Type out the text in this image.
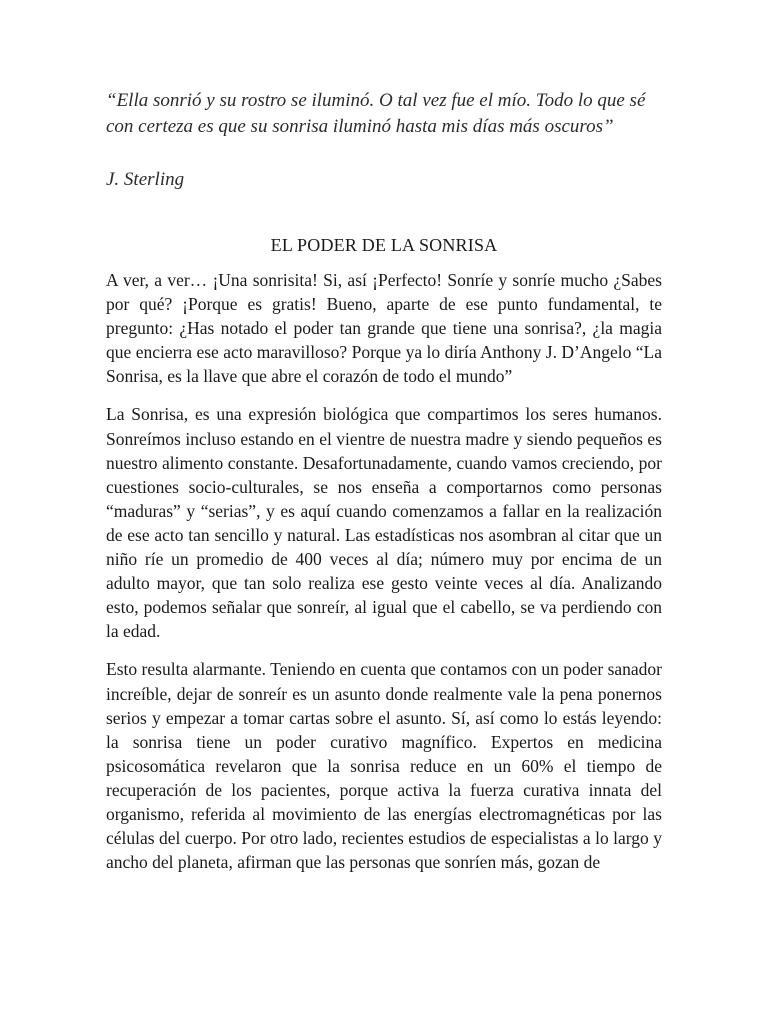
“Ella sonrió y su rostro se iluminó. O tal vez fue el mío. Todo lo que sé con certeza es que su sonrisa iluminó hasta mis días más oscuros”

J. Sterling

EL PODER DE LA SONRISA

A ver, a ver… ¡Una sonrisita! Si, así ¡Perfecto! Sonríe y sonríe mucho ¿Sabes por qué? ¡Porque es gratis! Bueno, aparte de ese punto fundamental, te pregunto: ¿Has notado el poder tan grande que tiene una sonrisa?, ¿la magia que encierra ese acto maravilloso? Porque ya lo diría Anthony J. D’Angelo “La Sonrisa, es la llave que abre el corazón de todo el mundo”

La Sonrisa, es una expresión biológica que compartimos los seres humanos. Sonreímos incluso estando en el vientre de nuestra madre y siendo pequeños es nuestro alimento constante. Desafortunadamente, cuando vamos creciendo, por cuestiones socio-culturales, se nos enseña a comportarnos como personas “maduras” y “serias”, y es aquí cuando comenzamos a fallar en la realización de ese acto tan sencillo y natural. Las estadísticas nos asombran al citar que un niño ríe un promedio de 400 veces al día; número muy por encima de un adulto mayor, que tan solo realiza ese gesto veinte veces al día. Analizando esto, podemos señalar que sonreír, al igual que el cabello, se va perdiendo con la edad.

Esto resulta alarmante. Teniendo en cuenta que contamos con un poder sanador increíble, dejar de sonreír es un asunto donde realmente vale la pena ponernos serios y empezar a tomar cartas sobre el asunto. Sí, así como lo estás leyendo: la sonrisa tiene un poder curativo magnífico. Expertos en medicina psicosomática revelaron que la sonrisa reduce en un 60% el tiempo de recuperación de los pacientes, porque activa la fuerza curativa innata del organismo, referida al movimiento de las energías electromagnéticas por las células del cuerpo. Por otro lado, recientes estudios de especialistas a lo largo y ancho del planeta, afirman que las personas que sonríen más, gozan de
